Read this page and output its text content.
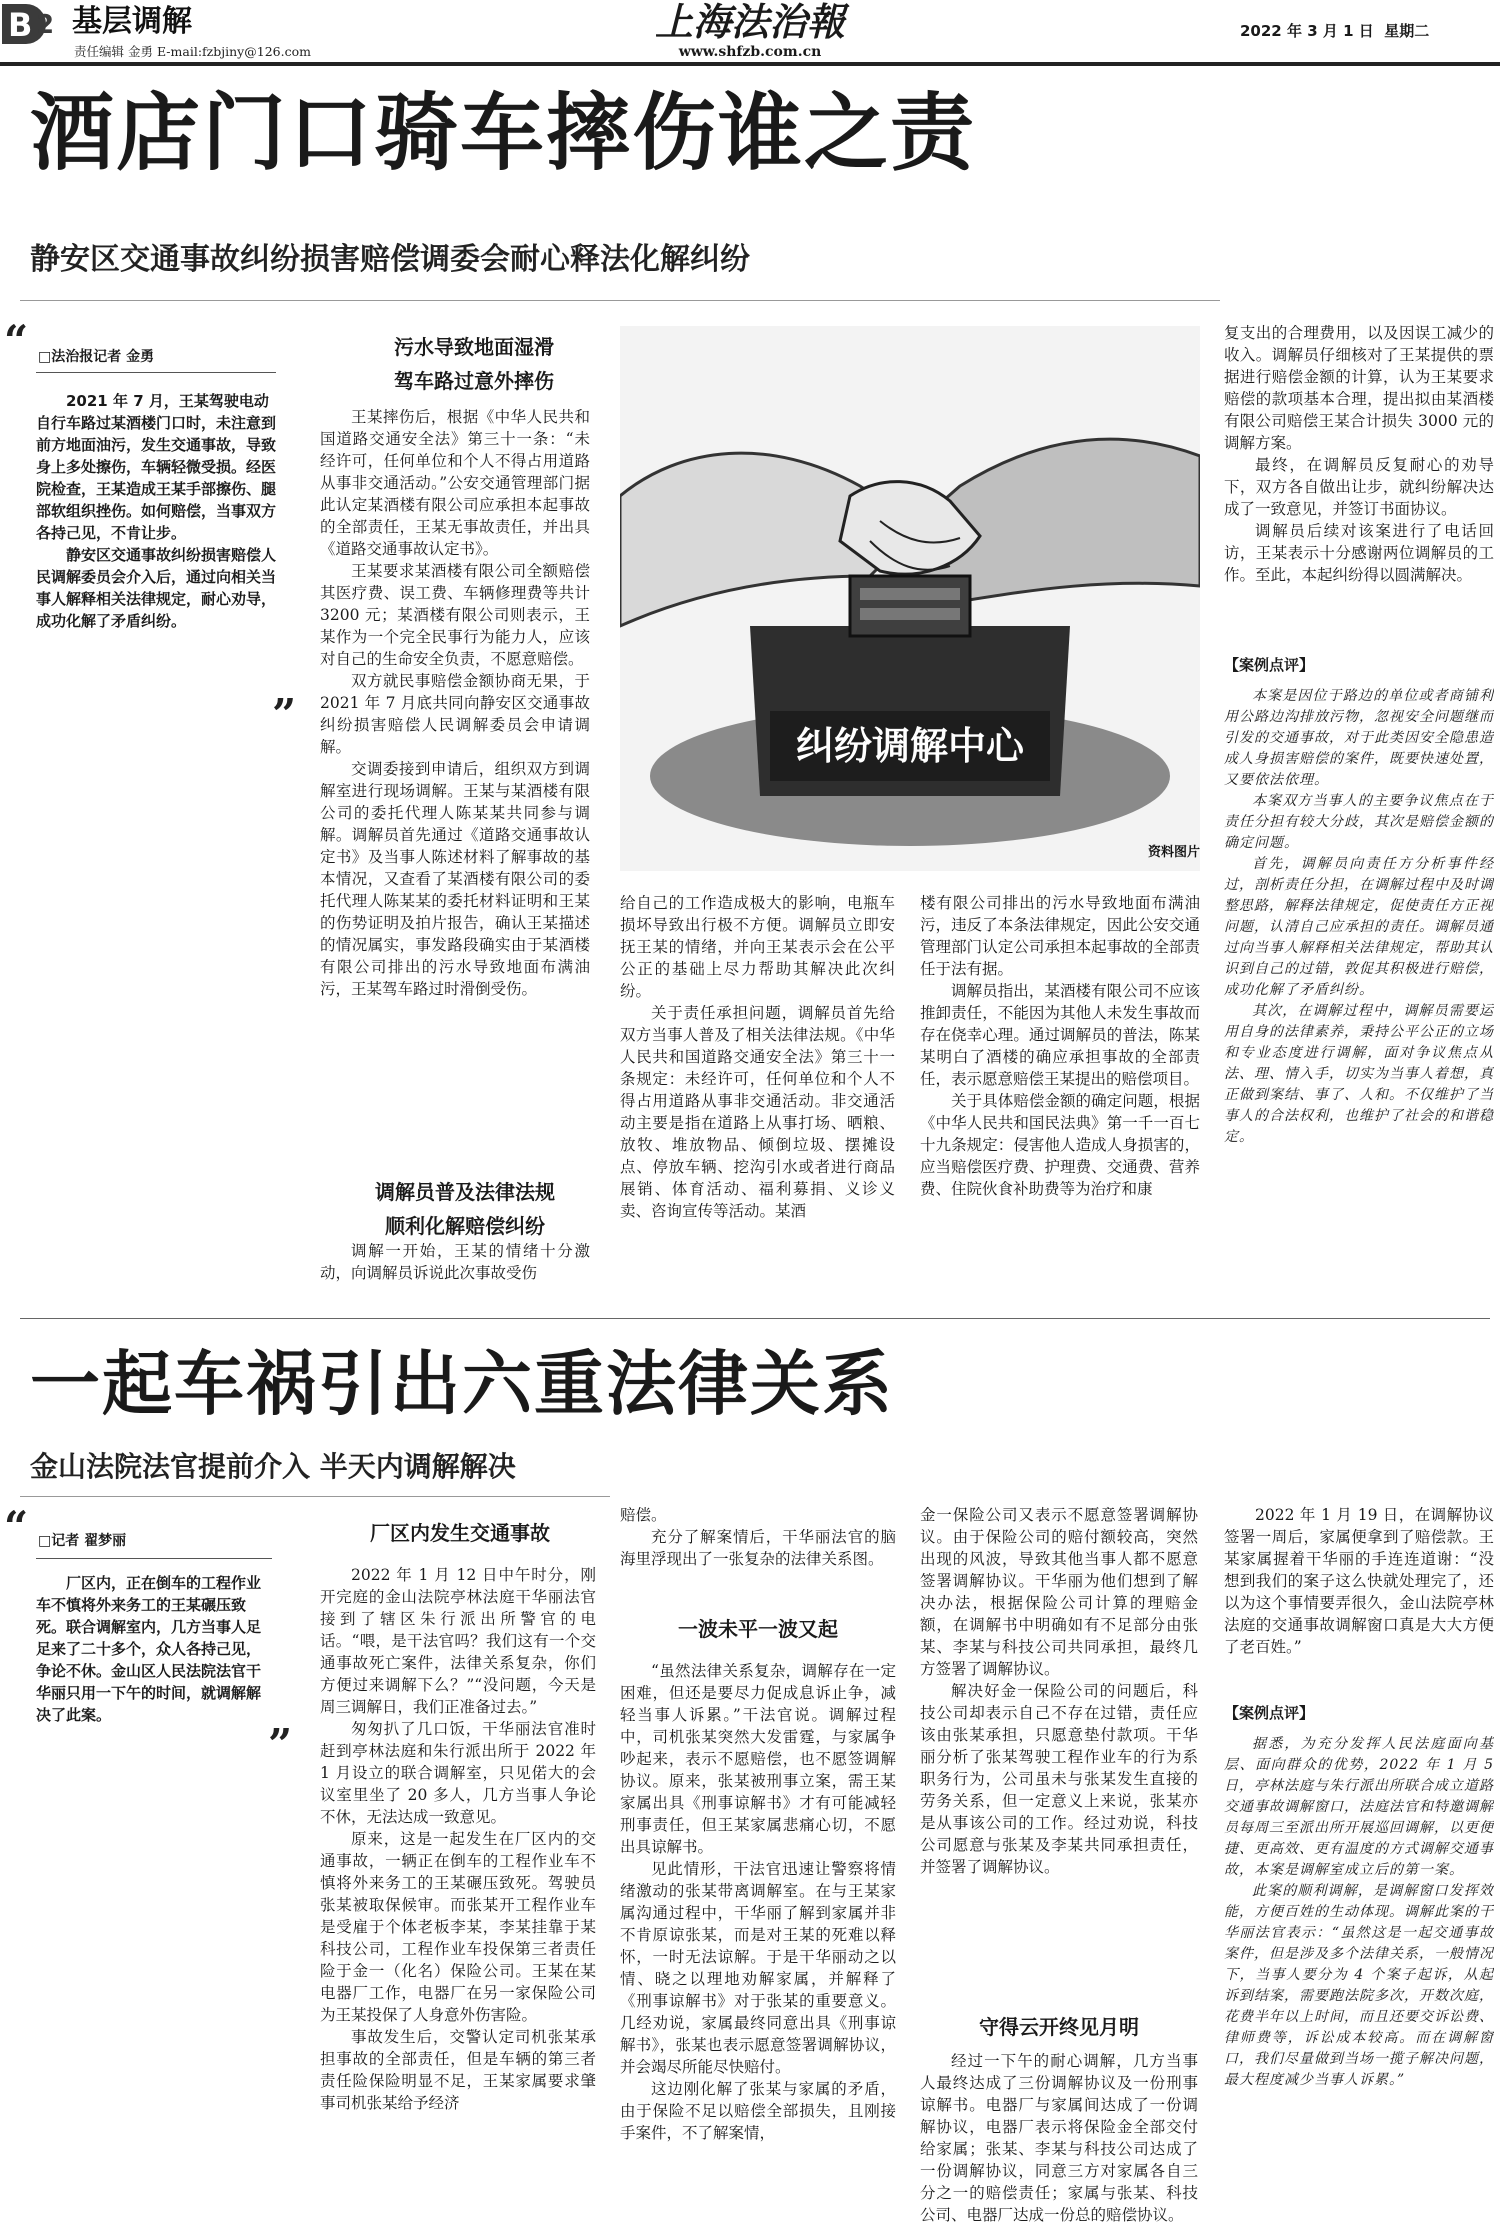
B 2 基层调解
责任编辑 金勇 E-mail:fzbjiny@126.com
上海法治報
www.shfzb.com.cn
2022 年 3 月 1 日 星期二
酒店门口骑车摔伤谁之责
静安区交通事故纠纷损害赔偿调委会耐心释法化解纠纷
“ □法治报记者 金勇

2021 年 7 月，王某驾驶电动自行车路过某酒楼门口时，未注意到前方地面油污，发生交通事故，导致身上多处擦伤，车辆轻微受损。经医院检查，王某造成王某手部擦伤、腿部软组织挫伤。如何赔偿，当事双方各持己见，不肯让步。

静安区交通事故纠纷损害赔偿人民调解委员会介入后，通过向相关当事人解释相关法律规定，耐心劝导，成功化解了矛盾纠纷。

”
污水导致地面湿滑
驾车路过意外摔伤

王某摔伤后，根据《中华人民共和国道路交通安全法》第三十一条：“未经许可，任何单位和个人不得占用道路从事非交通活动。”公安交通管理部门据此认定某酒楼有限公司应承担本起事故的全部责任，王某无事故责任，并出具《道路交通事故认定书》。

王某要求某酒楼有限公司全额赔偿其医疗费、误工费、车辆修理费等共计 3200 元；某酒楼有限公司则表示，王某作为一个完全民事行为能力人，应该对自己的生命安全负责，不愿意赔偿。

双方就民事赔偿金额协商无果，于 2021 年 7 月底共同向静安区交通事故纠纷损害赔偿人民调解委员会申请调解。

交调委接到申请后，组织双方到调解室进行现场调解。王某与某酒楼有限公司的委托代理人陈某某共同参与调解。调解员首先通过《道路交通事故认定书》及当事人陈述材料了解事故的基本情况，又查看了某酒楼有限公司的委托代理人陈某某的委托材料证明和王某的伤势证明及拍片报告，确认王某描述的情况属实，事发路段确实由于某酒楼有限公司排出的污水导致地面布满油污，王某驾车路过时滑倒受伤。

调解员普及法律法规
顺利化解赔偿纠纷

调解一开始，王某的情绪十分激动，向调解员诉说此次事故受伤

资料图片
纠纷调解中心

给自己的工作造成极大的影响，电瓶车损坏导致出行极不方便。调解员立即安抚王某的情绪，并向王某表示会在公平公正的基础上尽力帮助其解决此次纠纷。

关于责任承担问题，调解员首先给双方当事人普及了相关法律法规。《中华人民共和国道路交通安全法》第三十一条规定：未经许可，任何单位和个人不得占用道路从事非交通活动。非交通活动主要是指在道路上从事打场、晒粮、放牧、堆放物品、倾倒垃圾、摆摊设点、停放车辆、挖沟引水或者进行商品展销、体育活动、福利募捐、义诊义卖、咨询宣传等活动。某酒

楼有限公司排出的污水导致地面布满油污，违反了本条法律规定，因此公安交通管理部门认定公司承担本起事故的全部责任于法有据。

调解员指出，某酒楼有限公司不应该推卸责任，不能因为其他人未发生事故而存在侥幸心理。通过调解员的普法，陈某某明白了酒楼的确应承担事故的全部责任，表示愿意赔偿王某提出的赔偿项目。

关于具体赔偿金额的确定问题，根据《中华人民共和国民法典》第一千一百七十九条规定：侵害他人造成人身损害的，应当赔偿医疗费、护理费、交通费、营养费、住院伙食补助费等为治疗和康

复支出的合理费用，以及因误工减少的收入。调解员仔细核对了王某提供的票据进行赔偿金额的计算，认为王某要求赔偿的款项基本合理，提出拟由某酒楼有限公司赔偿王某合计损失 3000 元的调解方案。

最终，在调解员反复耐心的劝导下，双方各自做出让步，就纠纷解决达成了一致意见，并签订书面协议。

调解员后续对该案进行了电话回访，王某表示十分感谢两位调解员的工作。至此，本起纠纷得以圆满解决。

【案例点评】

本案是因位于路边的单位或者商铺利用公路边沟排放污物，忽视安全问题继而引发的交通事故，对于此类因安全隐患造成人身损害赔偿的案件，既要快速处置，又要依法依理。

本案双方当事人的主要争议焦点在于责任分担有较大分歧，其次是赔偿金额的确定问题。

首先，调解员向责任方分析事件经过，剖析责任分担，在调解过程中及时调整思路，解释法律规定，促使责任方正视问题，认清自己应承担的责任。调解员通过向当事人解释相关法律规定，帮助其认识到自己的过错，敦促其积极进行赔偿，成功化解了矛盾纠纷。

其次，在调解过程中，调解员需要运用自身的法律素养，秉持公平公正的立场和专业态度进行调解，面对争议焦点从法、理、情入手，切实为当事人着想，真正做到案结、事了、人和。不仅维护了当事人的合法权利，也维护了社会的和谐稳定。

一起车祸引出六重法律关系
金山法院法官提前介入 半天内调解解决
“ □记者 翟梦丽

厂区内，正在倒车的工程作业车不慎将外来务工的王某碾压致死。联合调解室内，几方当事人足足来了二十多个，众人各持己见，争论不休。金山区人民法院法官干华丽只用一下午的时间，就调解解决了此案。

”
厂区内发生交通事故

2022 年 1 月 12 日中午时分，刚开完庭的金山法院亭林法庭干华丽法官接到了辖区朱行派出所警官的电话。“喂，是干法官吗？我们这有一个交通事故死亡案件，法律关系复杂，你们方便过来调解下么？”“没问题，今天是周三调解日，我们正准备过去。”

匆匆扒了几口饭，干华丽法官准时赶到亭林法庭和朱行派出所于 2022 年 1 月设立的联合调解室，只见偌大的会议室里坐了 20 多人，几方当事人争论不休，无法达成一致意见。

原来，这是一起发生在厂区内的交通事故，一辆正在倒车的工程作业车不慎将外来务工的王某碾压致死。驾驶员张某被取保候审。而张某开工程作业车是受雇于个体老板李某，李某挂靠于某科技公司，工程作业车投保第三者责任险于金一（化名）保险公司。王某在某电器厂工作，电器厂在另一家保险公司为王某投保了人身意外伤害险。

事故发生后，交警认定司机张某承担事故的全部责任，但是车辆的第三者责任险保险明显不足，王某家属要求肇事司机张某给予经济

赔偿。

充分了解案情后，干华丽法官的脑海里浮现出了一张复杂的法律关系图。

一波未平一波又起

“虽然法律关系复杂，调解存在一定困难，但还是要尽力促成息诉止争，减轻当事人诉累。”干法官说。调解过程中，司机张某突然大发雷霆，与家属争吵起来，表示不愿赔偿，也不愿签调解协议。原来，张某被刑事立案，需王某家属出具《刑事谅解书》才有可能减轻刑事责任，但王某家属悲痛心切，不愿出具谅解书。

见此情形，干法官迅速让警察将情绪激动的张某带离调解室。在与王某家属沟通过程中，干华丽了解到家属并非不肯原谅张某，而是对王某的死难以释怀，一时无法谅解。于是干华丽动之以情、晓之以理地劝解家属，并解释了《刑事谅解书》对于张某的重要意义。几经劝说，家属最终同意出具《刑事谅解书》，张某也表示愿意签署调解协议，并会竭尽所能尽快赔付。

这边刚化解了张某与家属的矛盾，由于保险不足以赔偿全部损失，且刚接手案件，不了解案情，

金一保险公司又表示不愿意签署调解协议。由于保险公司的赔付额较高，突然出现的风波，导致其他当事人都不愿意签署调解协议。干华丽为他们想到了解决办法，根据保险公司计算的理赔金额，在调解书中明确如有不足部分由张某、李某与科技公司共同承担，最终几方签署了调解协议。

解决好金一保险公司的问题后，科技公司却表示自己不存在过错，责任应该由张某承担，只愿意垫付款项。干华丽分析了张某驾驶工程作业车的行为系职务行为，公司虽未与张某发生直接的劳务关系，但一定意义上来说，张某亦是从事该公司的工作。经过劝说，科技公司愿意与张某及李某共同承担责任，并签署了调解协议。

守得云开终见月明

经过一下午的耐心调解，几方当事人最终达成了三份调解协议及一份刑事谅解书。电器厂与家属间达成了一份调解协议，电器厂表示将保险金全部交付给家属；张某、李某与科技公司达成了一份调解协议，同意三方对家属各自三分之一的赔偿责任；家属与张某、科技公司、电器厂达成一份总的赔偿协议。

2022 年 1 月 19 日，在调解协议签署一周后，家属便拿到了赔偿款。王某家属握着干华丽的手连连道谢：“没想到我们的案子这么快就处理完了，还以为这个事情要弄很久，金山法院亭林法庭的交通事故调解窗口真是大大方便了老百姓。”

【案例点评】

据悉，为充分发挥人民法庭面向基层、面向群众的优势，2022 年 1 月 5 日，亭林法庭与朱行派出所联合成立道路交通事故调解窗口，法庭法官和特邀调解员每周三至派出所开展巡回调解，以更便捷、更高效、更有温度的方式调解交通事故，本案是调解室成立后的第一案。

此案的顺利调解，是调解窗口发挥效能，方便百姓的生动体现。调解此案的干华丽法官表示：“虽然这是一起交通事故案件，但是涉及多个法律关系，一般情况下，当事人要分为 4 个案子起诉，从起诉到结案，需要跑法院多次，开数次庭，花费半年以上时间，而且还要交诉讼费、律师费等，诉讼成本较高。而在调解窗口，我们尽量做到当场一揽子解决问题，最大程度减少当事人诉累。”
